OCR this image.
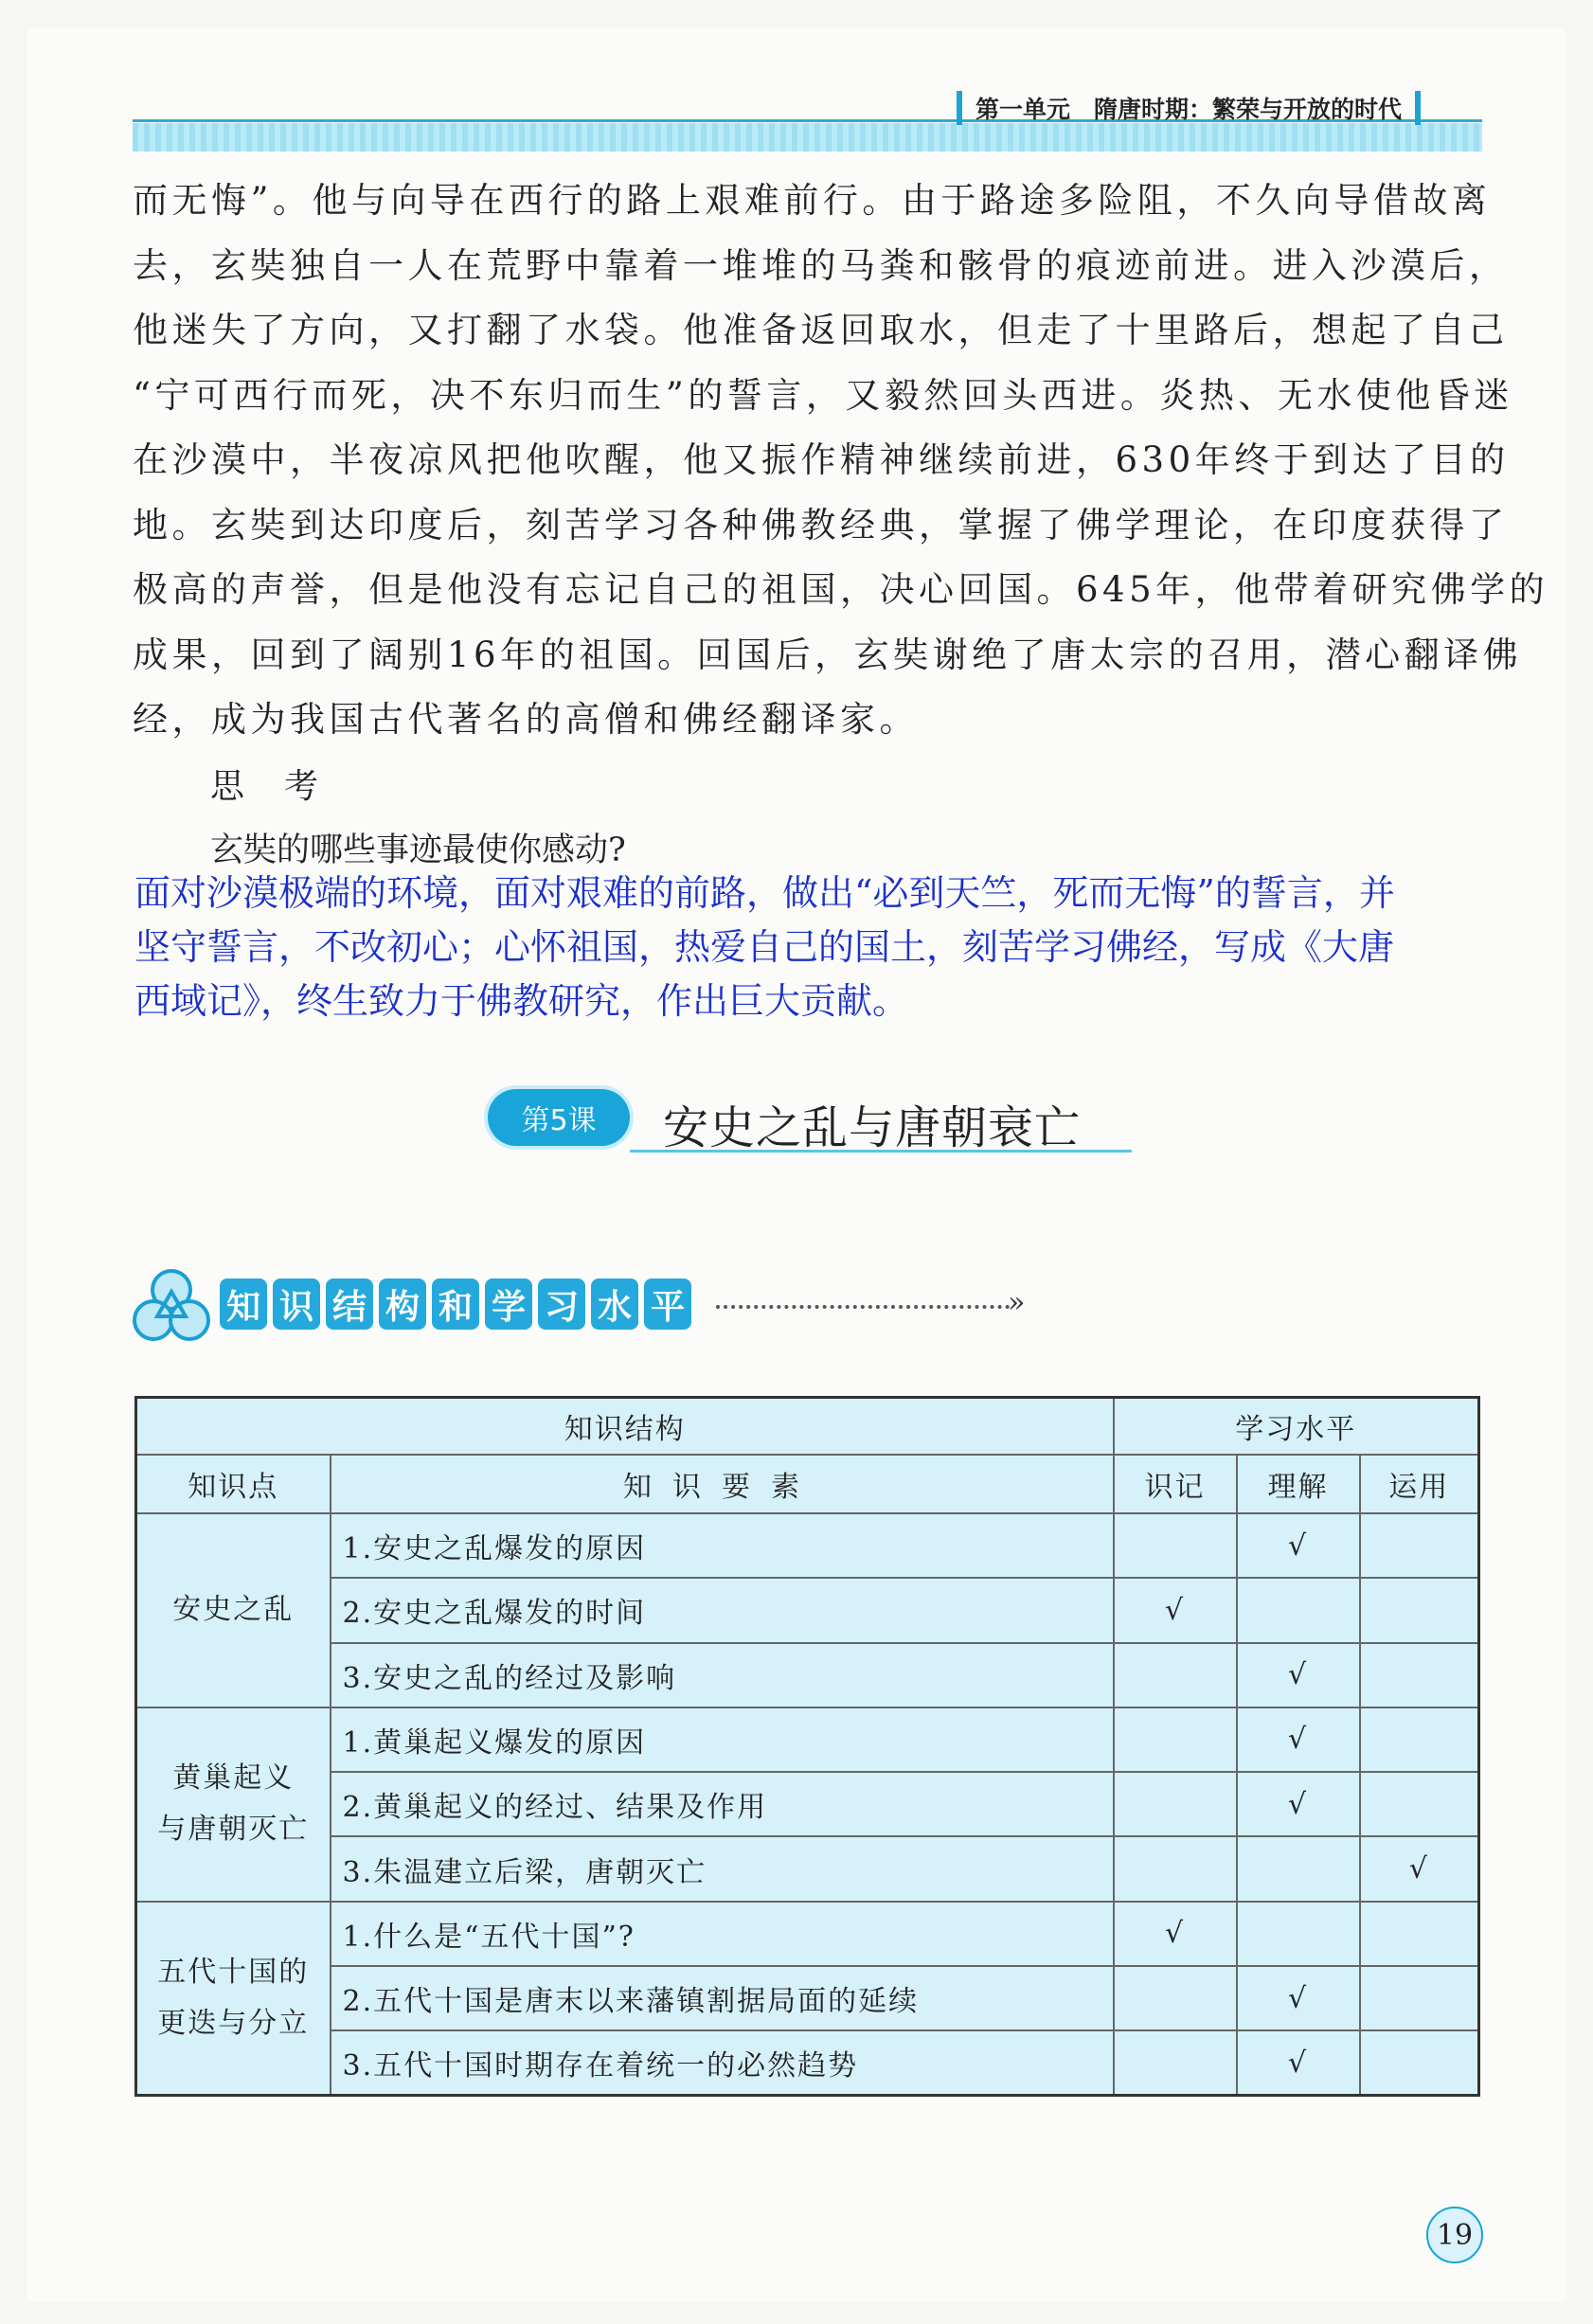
第一单元　隋唐时期：繁荣与开放的时代

而无悔”。他与向导在西行的路上艰难前行。由于路途多险阻，不久向导借故离

去，玄奘独自一人在荒野中靠着一堆堆的马粪和骸骨的痕迹前进。进入沙漠后，

他迷失了方向，又打翻了水袋。他准备返回取水，但走了十里路后，想起了自己

“宁可西行而死，决不东归而生”的誓言，又毅然回头西进。炎热、无水使他昏迷

在沙漠中，半夜凉风把他吹醒，他又振作精神继续前进，630年终于到达了目的

地。玄奘到达印度后，刻苦学习各种佛教经典，掌握了佛学理论，在印度获得了

极高的声誉，但是他没有忘记自己的祖国，决心回国。645年，他带着研究佛学的

成果，回到了阔别16年的祖国。回国后，玄奘谢绝了唐太宗的召用，潜心翻译佛

经，成为我国古代著名的高僧和佛经翻译家。

思考
玄奘的哪些事迹最使你感动?

面对沙漠极端的环境，面对艰难的前路，做出“必到天竺，死而无悔”的誓言，并

坚守誓言，不改初心；心怀祖国，热爱自己的国土，刻苦学习佛经，写成《大唐

西域记》，终生致力于佛教研究，作出巨大贡献。

第5课	安史之乱与唐朝衰亡
知 识 结 构 和 学 习 水 平	»
知识结构		学习水平		
知识点	知识要素	识记	理解	运用
安史之乱	1.安史之乱爆发的原因		√	
	2.安史之乱爆发的时间	√		
	3.安史之乱的经过及影响		√	
黄巢起义
与唐朝灭亡	1.黄巢起义爆发的原因		√	
	2.黄巢起义的经过、结果及作用		√	
	3.朱温建立后梁，唐朝灭亡			√
五代十国的
更迭与分立	1.什么是“五代十国”?	√		
	2.五代十国是唐末以来藩镇割据局面的延续		√	
	3.五代十国时期存在着统一的必然趋势		√	
19
